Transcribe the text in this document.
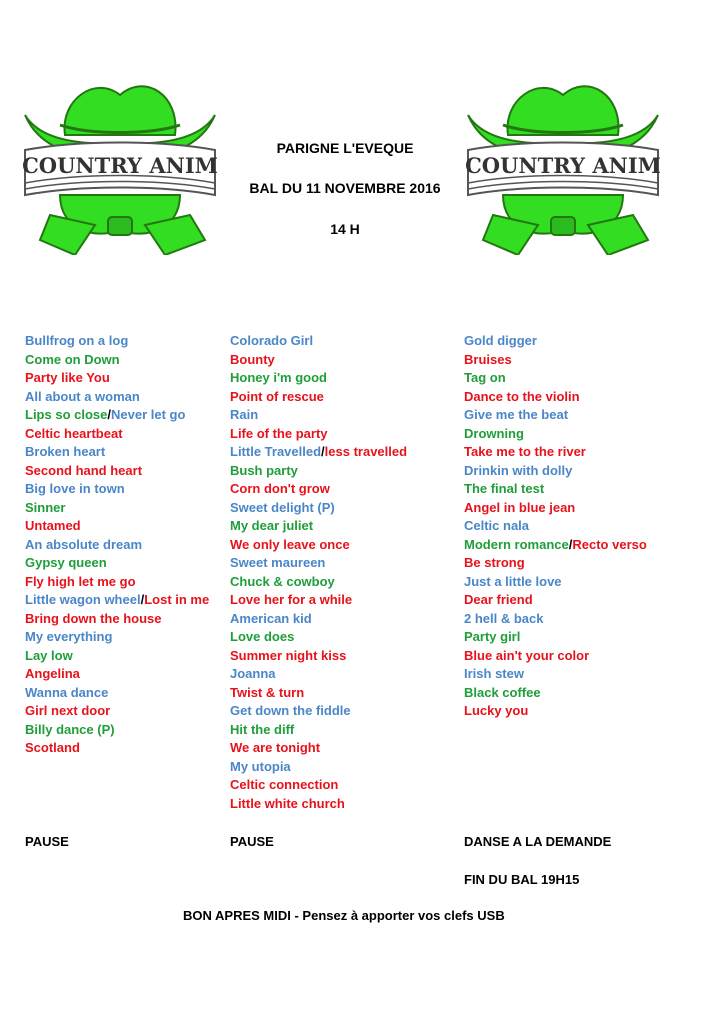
COUNTRY ANIM	COUNTRY ANIM
PARIGNE L'EVEQUE
BAL DU 11 NOVEMBRE 2016
14 H
Bullfrog on a log
Come on Down
Party like You
All about a woman
Lips so close/Never let go
Celtic heartbeat
Broken heart
Second hand heart
Big love in town
Sinner
Untamed
An absolute dream
Gypsy queen
Fly high let me go
Little wagon wheel/Lost in me
Bring down the house
My everything
Lay low
Angelina
Wanna dance
Girl next door
Billy dance (P)
Scotland
Colorado Girl
Bounty
Honey i'm good
Point of rescue
Rain
Life of the party
Little Travelled/less travelled
Bush party
Corn don't grow
Sweet delight (P)
My dear juliet
We only leave once
Sweet maureen
Chuck & cowboy
Love her for a while
American kid
Love does
Summer night kiss
Joanna
Twist & turn
Get down the fiddle
Hit the diff
We are tonight
My utopia
Celtic connection
Little white church
Gold digger
Bruises
Tag on
Dance to the violin
Give me the beat
Drowning
Take me to the river
Drinkin with dolly
The final test
Angel in blue jean
Celtic nala
Modern romance/Recto verso
Be strong
Just a little love
Dear friend
2 hell & back
Party girl
Blue ain't your color
Irish stew
Black coffee
Lucky you
PAUSE	PAUSE	DANSE A LA DEMANDE
FIN DU BAL 19H15
BON APRES MIDI - Pensez à apporter vos clefs USB
